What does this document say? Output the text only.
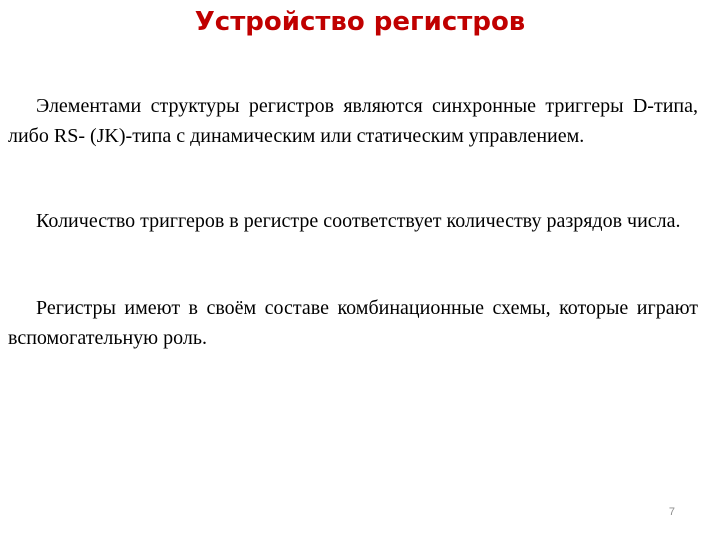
Устройство регистров

Элементами структуры регистров являются синхронные триггеры D-типа, либо RS- (JK)-типа с динамическим или статическим управлением.

Количество триггеров в регистре соответствует количеству разрядов числа.

Регистры имеют в своём составе комбинационные схемы, которые играют вспомогательную роль.

7
